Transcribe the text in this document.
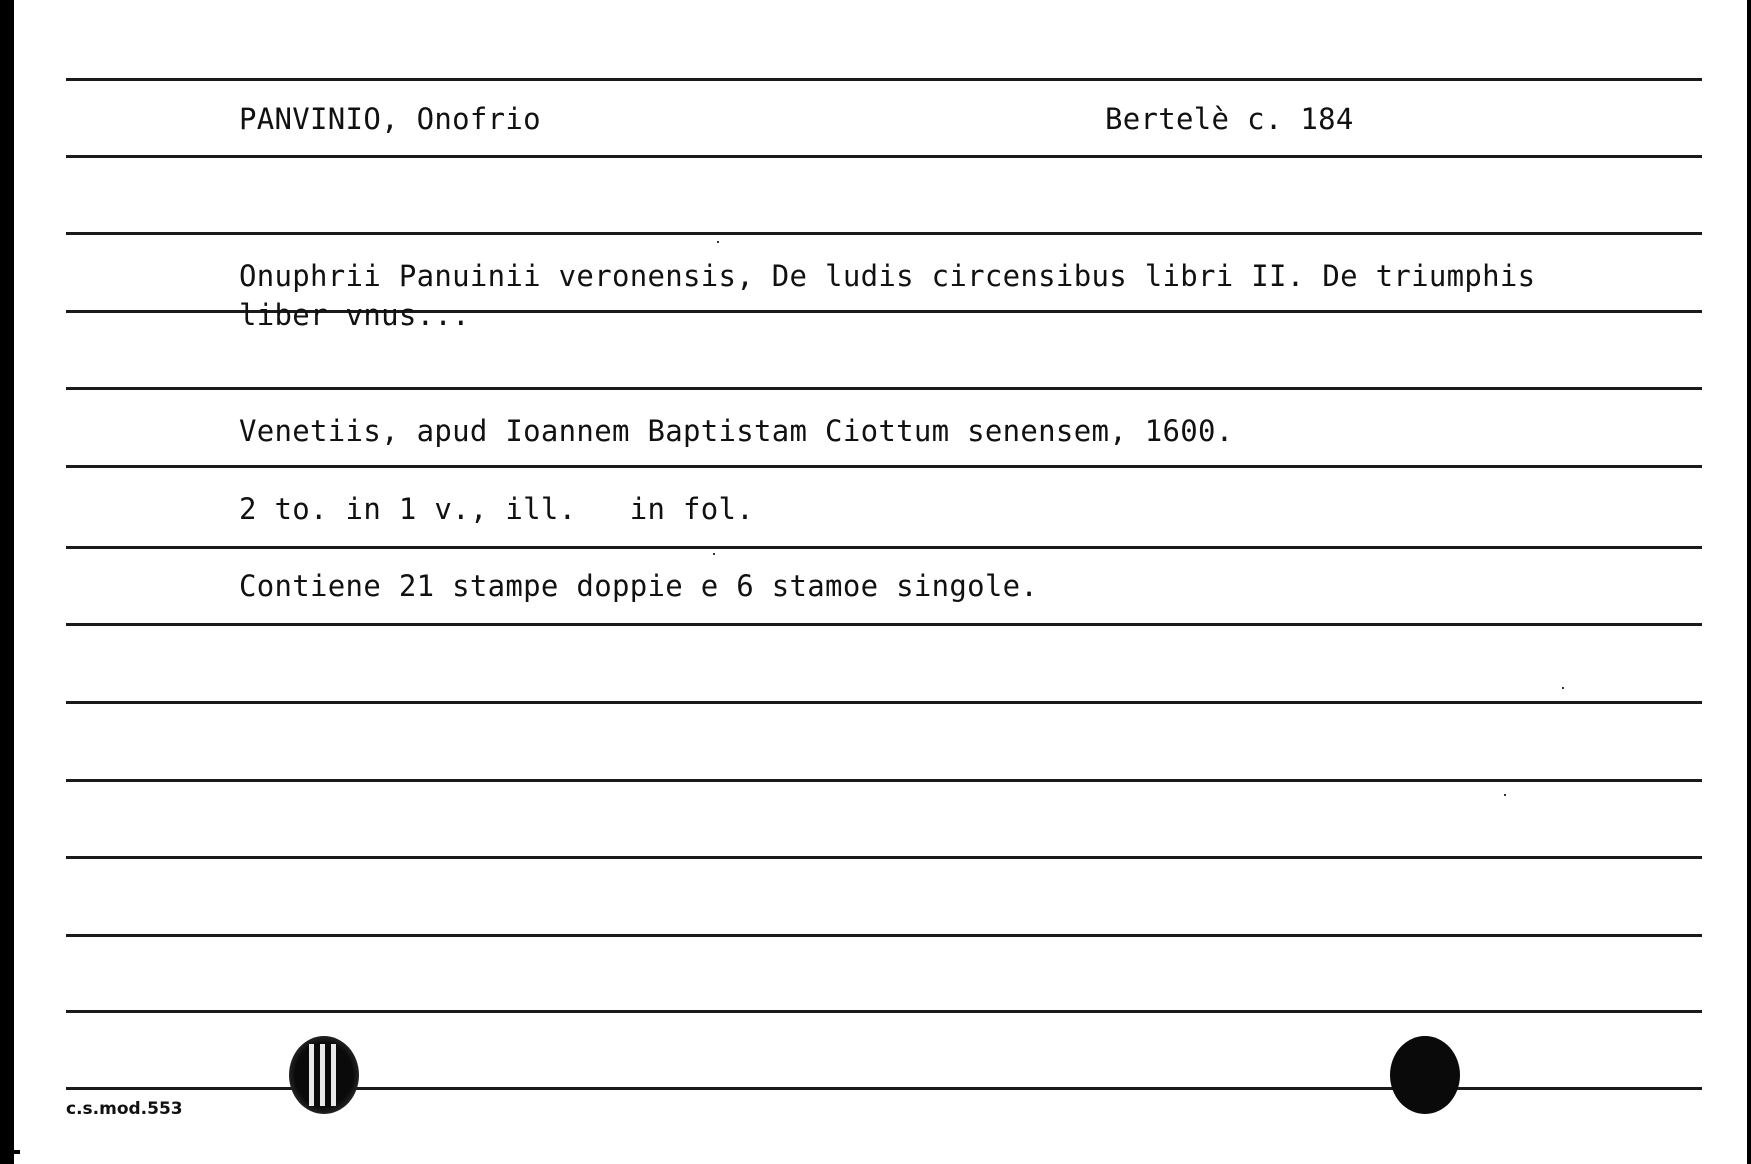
PANVINIO, Onofrio	Bertelè c. 184
Onuphrii Panuinii veronensis, De ludis circensibus libri II. De triumphis
liber vnus...
Venetiis, apud Ioannem Baptistam Ciottum senensem, 1600.
2 to. in 1 v., ill.   in fol.
Contiene 21 stampe doppie e 6 stamoe singole.
c.s.mod.553
